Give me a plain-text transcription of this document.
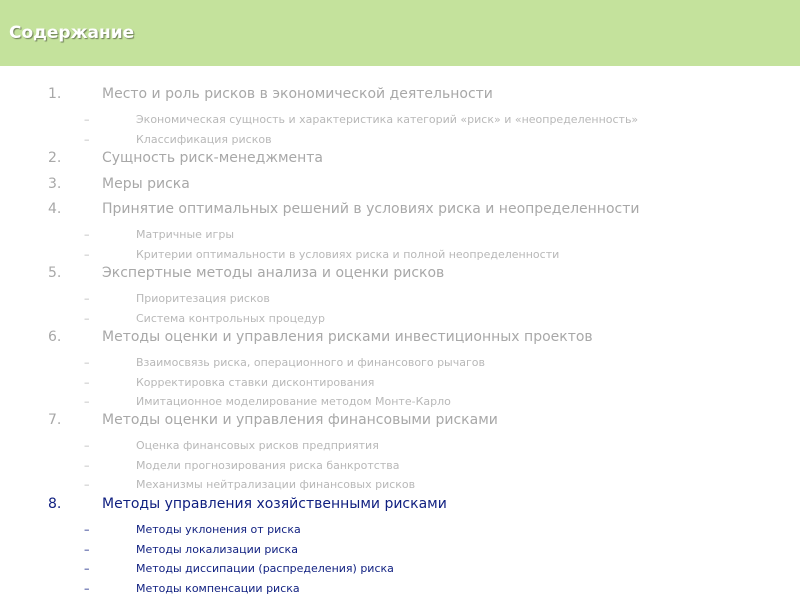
Содержание
1.	Место и роль рисков в экономической деятельности
–	Экономическая сущность и характеристика категорий «риск» и «неопределенность»
–	Классификация рисков
2.	Сущность риск-менеджмента
3.	Меры риска
4.	Принятие оптимальных решений в условиях риска и неопределенности
–	Матричные игры
–	Критерии оптимальности в условиях риска и полной неопределенности
5.	Экспертные методы анализа и оценки рисков
–	Приоритезация рисков
–	Система контрольных процедур
6.	Методы оценки и управления рисками инвестиционных проектов
–	Взаимосвязь риска, операционного и финансового рычагов
–	Корректировка ставки дисконтирования
–	Имитационное моделирование методом Монте-Карло
7.	Методы оценки и управления финансовыми рисками
–	Оценка финансовых рисков предприятия
–	Модели прогнозирования риска банкротства
–	Механизмы нейтрализации финансовых рисков
8.	Методы управления хозяйственными рисками
–	Методы уклонения от риска
–	Методы локализации риска
–	Методы диссипации (распределения) риска
–	Методы компенсации риска
